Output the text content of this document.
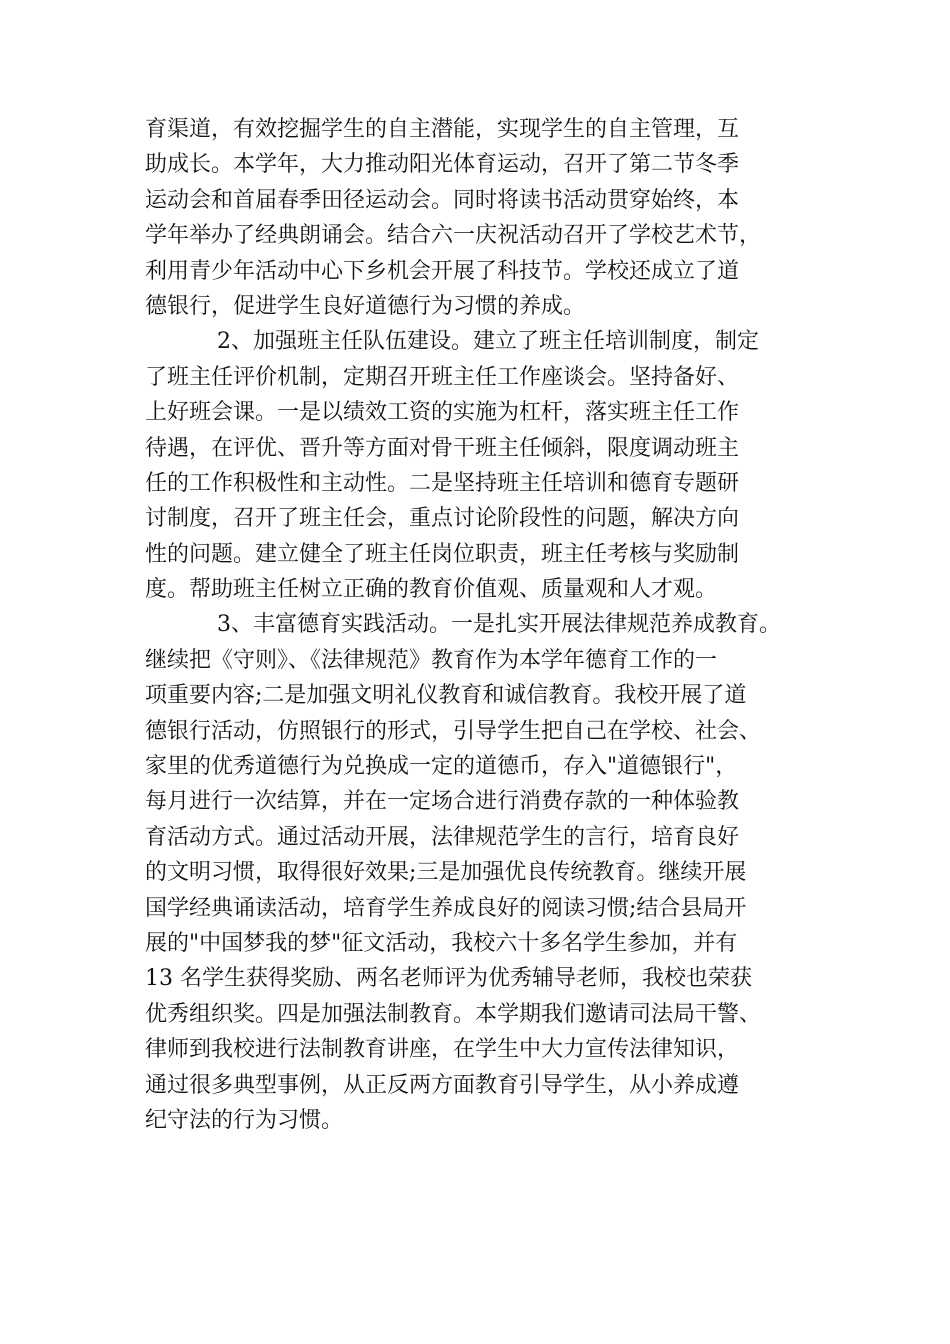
育渠道，有效挖掘学生的自主潜能，实现学生的自主管理，互
助成长。本学年，大力推动阳光体育运动，召开了第二节冬季
运动会和首届春季田径运动会。同时将读书活动贯穿始终，本
学年举办了经典朗诵会。结合六一庆祝活动召开了学校艺术节，
利用青少年活动中心下乡机会开展了科技节。学校还成立了道
德银行，促进学生良好道德行为习惯的养成。
2、加强班主任队伍建设。建立了班主任培训制度，制定
了班主任评价机制，定期召开班主任工作座谈会。坚持备好、
上好班会课。一是以绩效工资的实施为杠杆，落实班主任工作
待遇，在评优、晋升等方面对骨干班主任倾斜，限度调动班主
任的工作积极性和主动性。二是坚持班主任培训和德育专题研
讨制度，召开了班主任会，重点讨论阶段性的问题，解决方向
性的问题。建立健全了班主任岗位职责，班主任考核与奖励制
度。帮助班主任树立正确的教育价值观、质量观和人才观。
3、丰富德育实践活动。一是扎实开展法律规范养成教育。
继续把《守则》、《法律规范》教育作为本学年德育工作的一
项重要内容;二是加强文明礼仪教育和诚信教育。我校开展了道
德银行活动，仿照银行的形式，引导学生把自己在学校、社会、
家里的优秀道德行为兑换成一定的道德币，存入"道德银行"，
每月进行一次结算，并在一定场合进行消费存款的一种体验教
育活动方式。通过活动开展，法律规范学生的言行，培育良好
的文明习惯，取得很好效果;三是加强优良传统教育。继续开展
国学经典诵读活动，培育学生养成良好的阅读习惯;结合县局开
展的"中国梦我的梦"征文活动，我校六十多名学生参加，并有
13 名学生获得奖励、两名老师评为优秀辅导老师，我校也荣获
优秀组织奖。四是加强法制教育。本学期我们邀请司法局干警、
律师到我校进行法制教育讲座，在学生中大力宣传法律知识，
通过很多典型事例，从正反两方面教育引导学生，从小养成遵
纪守法的行为习惯。
